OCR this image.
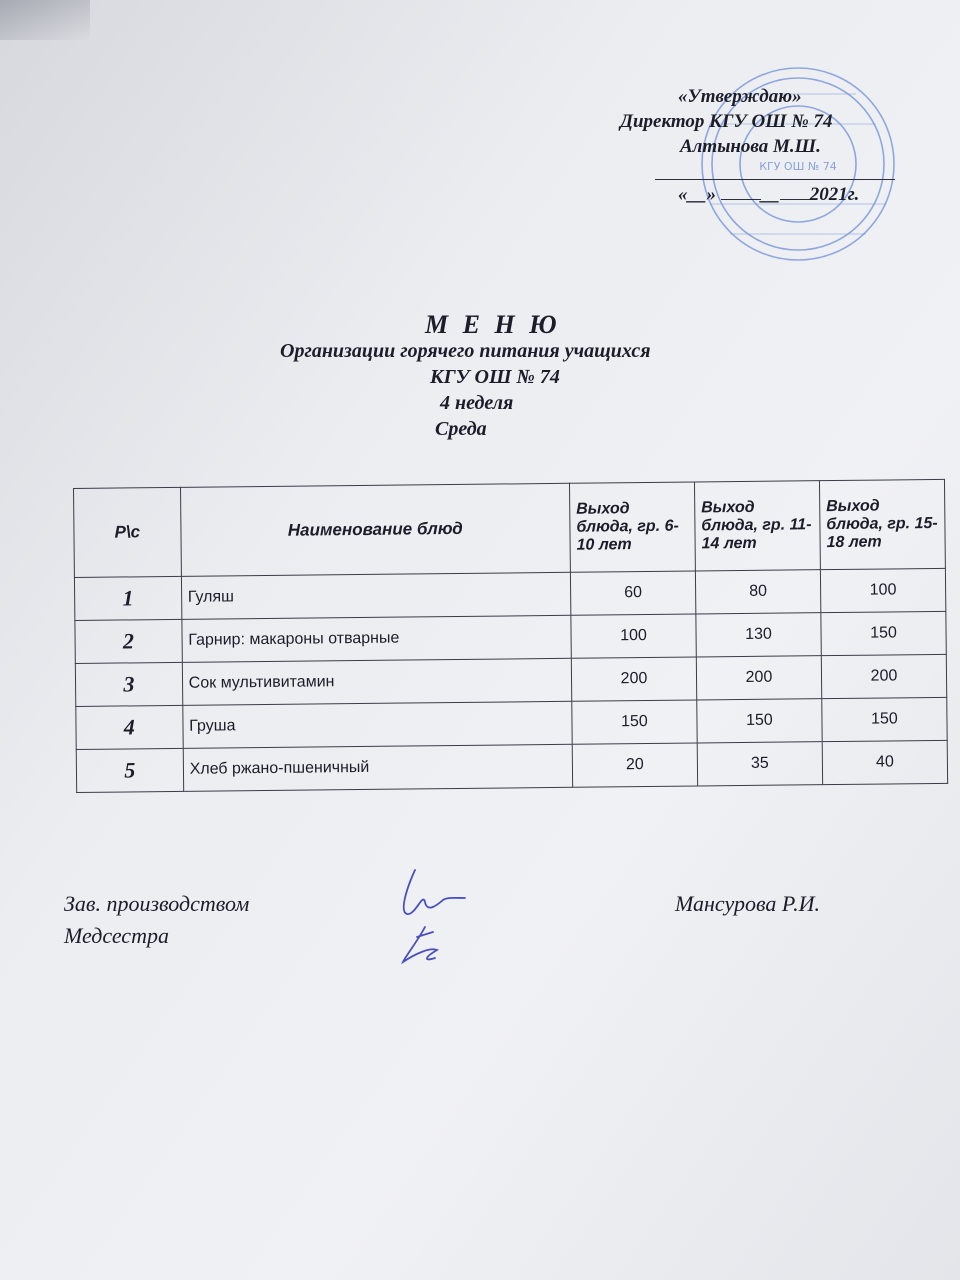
КГУ ОШ № 74
«Утверждаю»
Директор КГУ ОШ № 74
Алтынова М.Ш.
«__» __ 2021г.
М Е Н Ю
Организации горячего питания учащихся
КГУ ОШ № 74
4 неделя
Среда
Р\с	Наименование блюд	Выход блюда, гр. 6-10 лет	Выход блюда, гр. 11-14 лет	Выход блюда, гр. 15-18 лет
1	Гуляш	60	80	100
2	Гарнир: макароны отварные	100	130	150
3	Сок мультивитамин	200	200	200
4	Груша	150	150	150
5	Хлеб ржано-пшеничный	20	35	40
Зав. производством
Медсестра
Мансурова Р.И.
